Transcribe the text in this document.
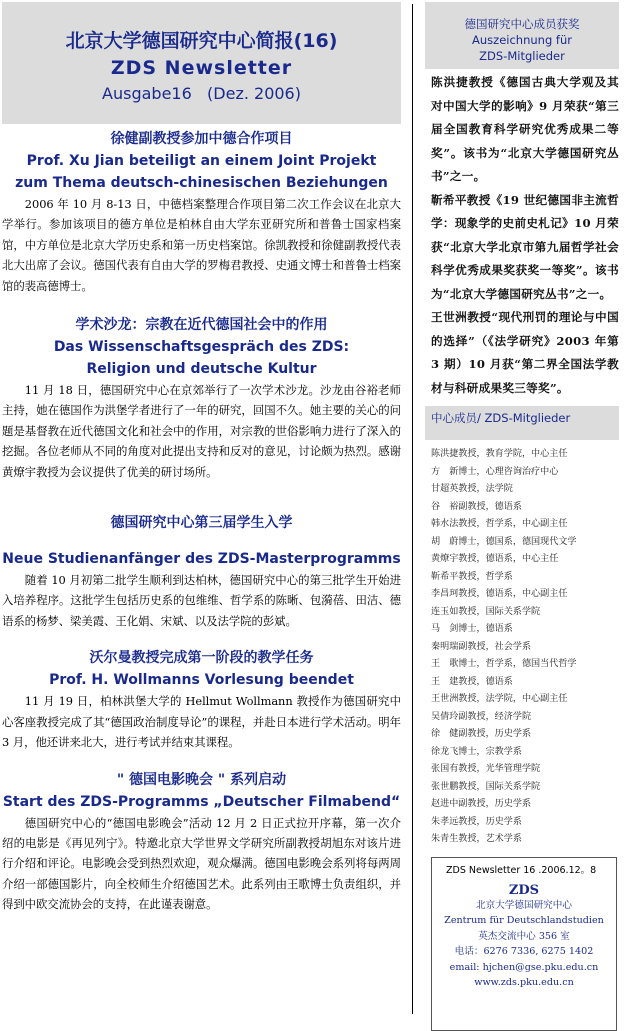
北京大学德国研究中心简报(16)
ZDS Newsletter
Ausgabe16   (Dez. 2006)
徐健副教授参加中德合作项目
Prof. Xu Jian beteiligt an einem Joint Projekt
zum Thema deutsch-chinesischen Beziehungen

2006 年 10 月 8-13 日，中德档案整理合作项目第二次工作会议在北京大学举行。参加该项目的德方单位是柏林自由大学东亚研究所和普鲁士国家档案馆，中方单位是北京大学历史系和第一历史档案馆。徐凯教授和徐健副教授代表北大出席了会议。德国代表有自由大学的罗梅君教授、史通文博士和普鲁士档案馆的裴高德博士。

学术沙龙：宗教在近代德国社会中的作用
Das Wissenschaftsgespräch des ZDS:
Religion und deutsche Kultur

11 月 18 日，德国研究中心在京郊举行了一次学术沙龙。沙龙由谷裕老师主持，她在德国作为洪堡学者进行了一年的研究，回国不久。她主要的关心的问题是基督教在近代德国文化和社会中的作用，对宗教的世俗影响力进行了深入的挖掘。各位老师从不同的角度对此提出支持和反对的意见，讨论颇为热烈。感谢黄燎宇教授为会议提供了优美的研讨场所。

德国研究中心第三届学生入学
Neue Studienanfänger des ZDS-Masterprogramms

随着 10 月初第二批学生顺利到达柏林，德国研究中心的第三批学生开始进入培养程序。这批学生包括历史系的包维维、哲学系的陈晰、包漪蓓、田洁、德语系的杨梦、梁美霞、王化娟、宋斌、以及法学院的彭斌。

沃尔曼教授完成第一阶段的教学任务
Prof. H. Wollmanns Vorlesung beendet

11 月 19 日，柏林洪堡大学的 Hellmut Wollmann 教授作为德国研究中心客座教授完成了其“德国政治制度导论”的课程，并赴日本进行学术活动。明年 3 月，他还讲来北大，进行考试并结束其课程。

" 德国电影晚会 " 系列启动
Start des ZDS-Programms „Deutscher Filmabend“

德国研究中心的“德国电影晚会”活动 12 月 2 日正式拉开序幕，第一次介绍的电影是《再见列宁》。特邀北京大学世界文学研究所副教授胡旭东对该片进行介绍和评论。电影晚会受到热烈欢迎，观众爆满。德国电影晚会系列将每两周介绍一部德国影片，向全校师生介绍德国艺术。此系列由王歌博士负责组织，并得到中欧交流协会的支持，在此谨表谢意。

德国研究中心成员获奖
Auszeichnung für
ZDS-Mitglieder
陈洪捷教授《德国古典大学观及其对中国大学的影响》9 月荣获“第三届全国教育科学研究优秀成果二等奖”。该书为“北京大学德国研究丛书”之一。
靳希平教授《19 世纪德国非主流哲学：现象学的史前史札记》10 月荣获“北京大学北京市第九届哲学社会科学优秀成果奖获奖一等奖”。该书为“北京大学德国研究丛书”之一。
王世洲教授“现代刑罚的理论与中国的选择”（《法学研究》2003 年第 3 期）10 月获“第二界全国法学教材与科研成果奖三等奖”。
中心成员/ ZDS-Mitglieder
陈洪捷教授，教育学院，中心主任
方　新博士，心理咨询治疗中心
甘超英教授，法学院
谷　裕副教授，德语系
韩水法教授，哲学系，中心副主任
胡　蔚博士，德国系，德国现代文学
黄燎宇教授，德语系，中心主任
靳希平教授，哲学系
李昌珂教授，德语系，中心副主任
连玉如教授，国际关系学院
马　剑博士，德语系
秦明瑞副教授，社会学系
王　歌博士，哲学系，德国当代哲学
王　建教授，德语系
王世洲教授，法学院，中心副主任
吴倩玲副教授，经济学院
徐　健副教授，历史学系
徐龙飞博士，宗教学系
张国有教授，光华管理学院
张世鹏教授，国际关系学院
赵进中副教授，历史学系
朱孝远教授，历史学系
朱青生教授，艺术学系
ZDS Newsletter 16 .2006.12。8
ZDS
北京大学德国研究中心
Zentrum für Deutschlandstudien
英杰交流中心 356 室
电话：6276 7336, 6275 1402
email: hjchen@gse.pku.edu.cn
www.zds.pku.edu.cn
